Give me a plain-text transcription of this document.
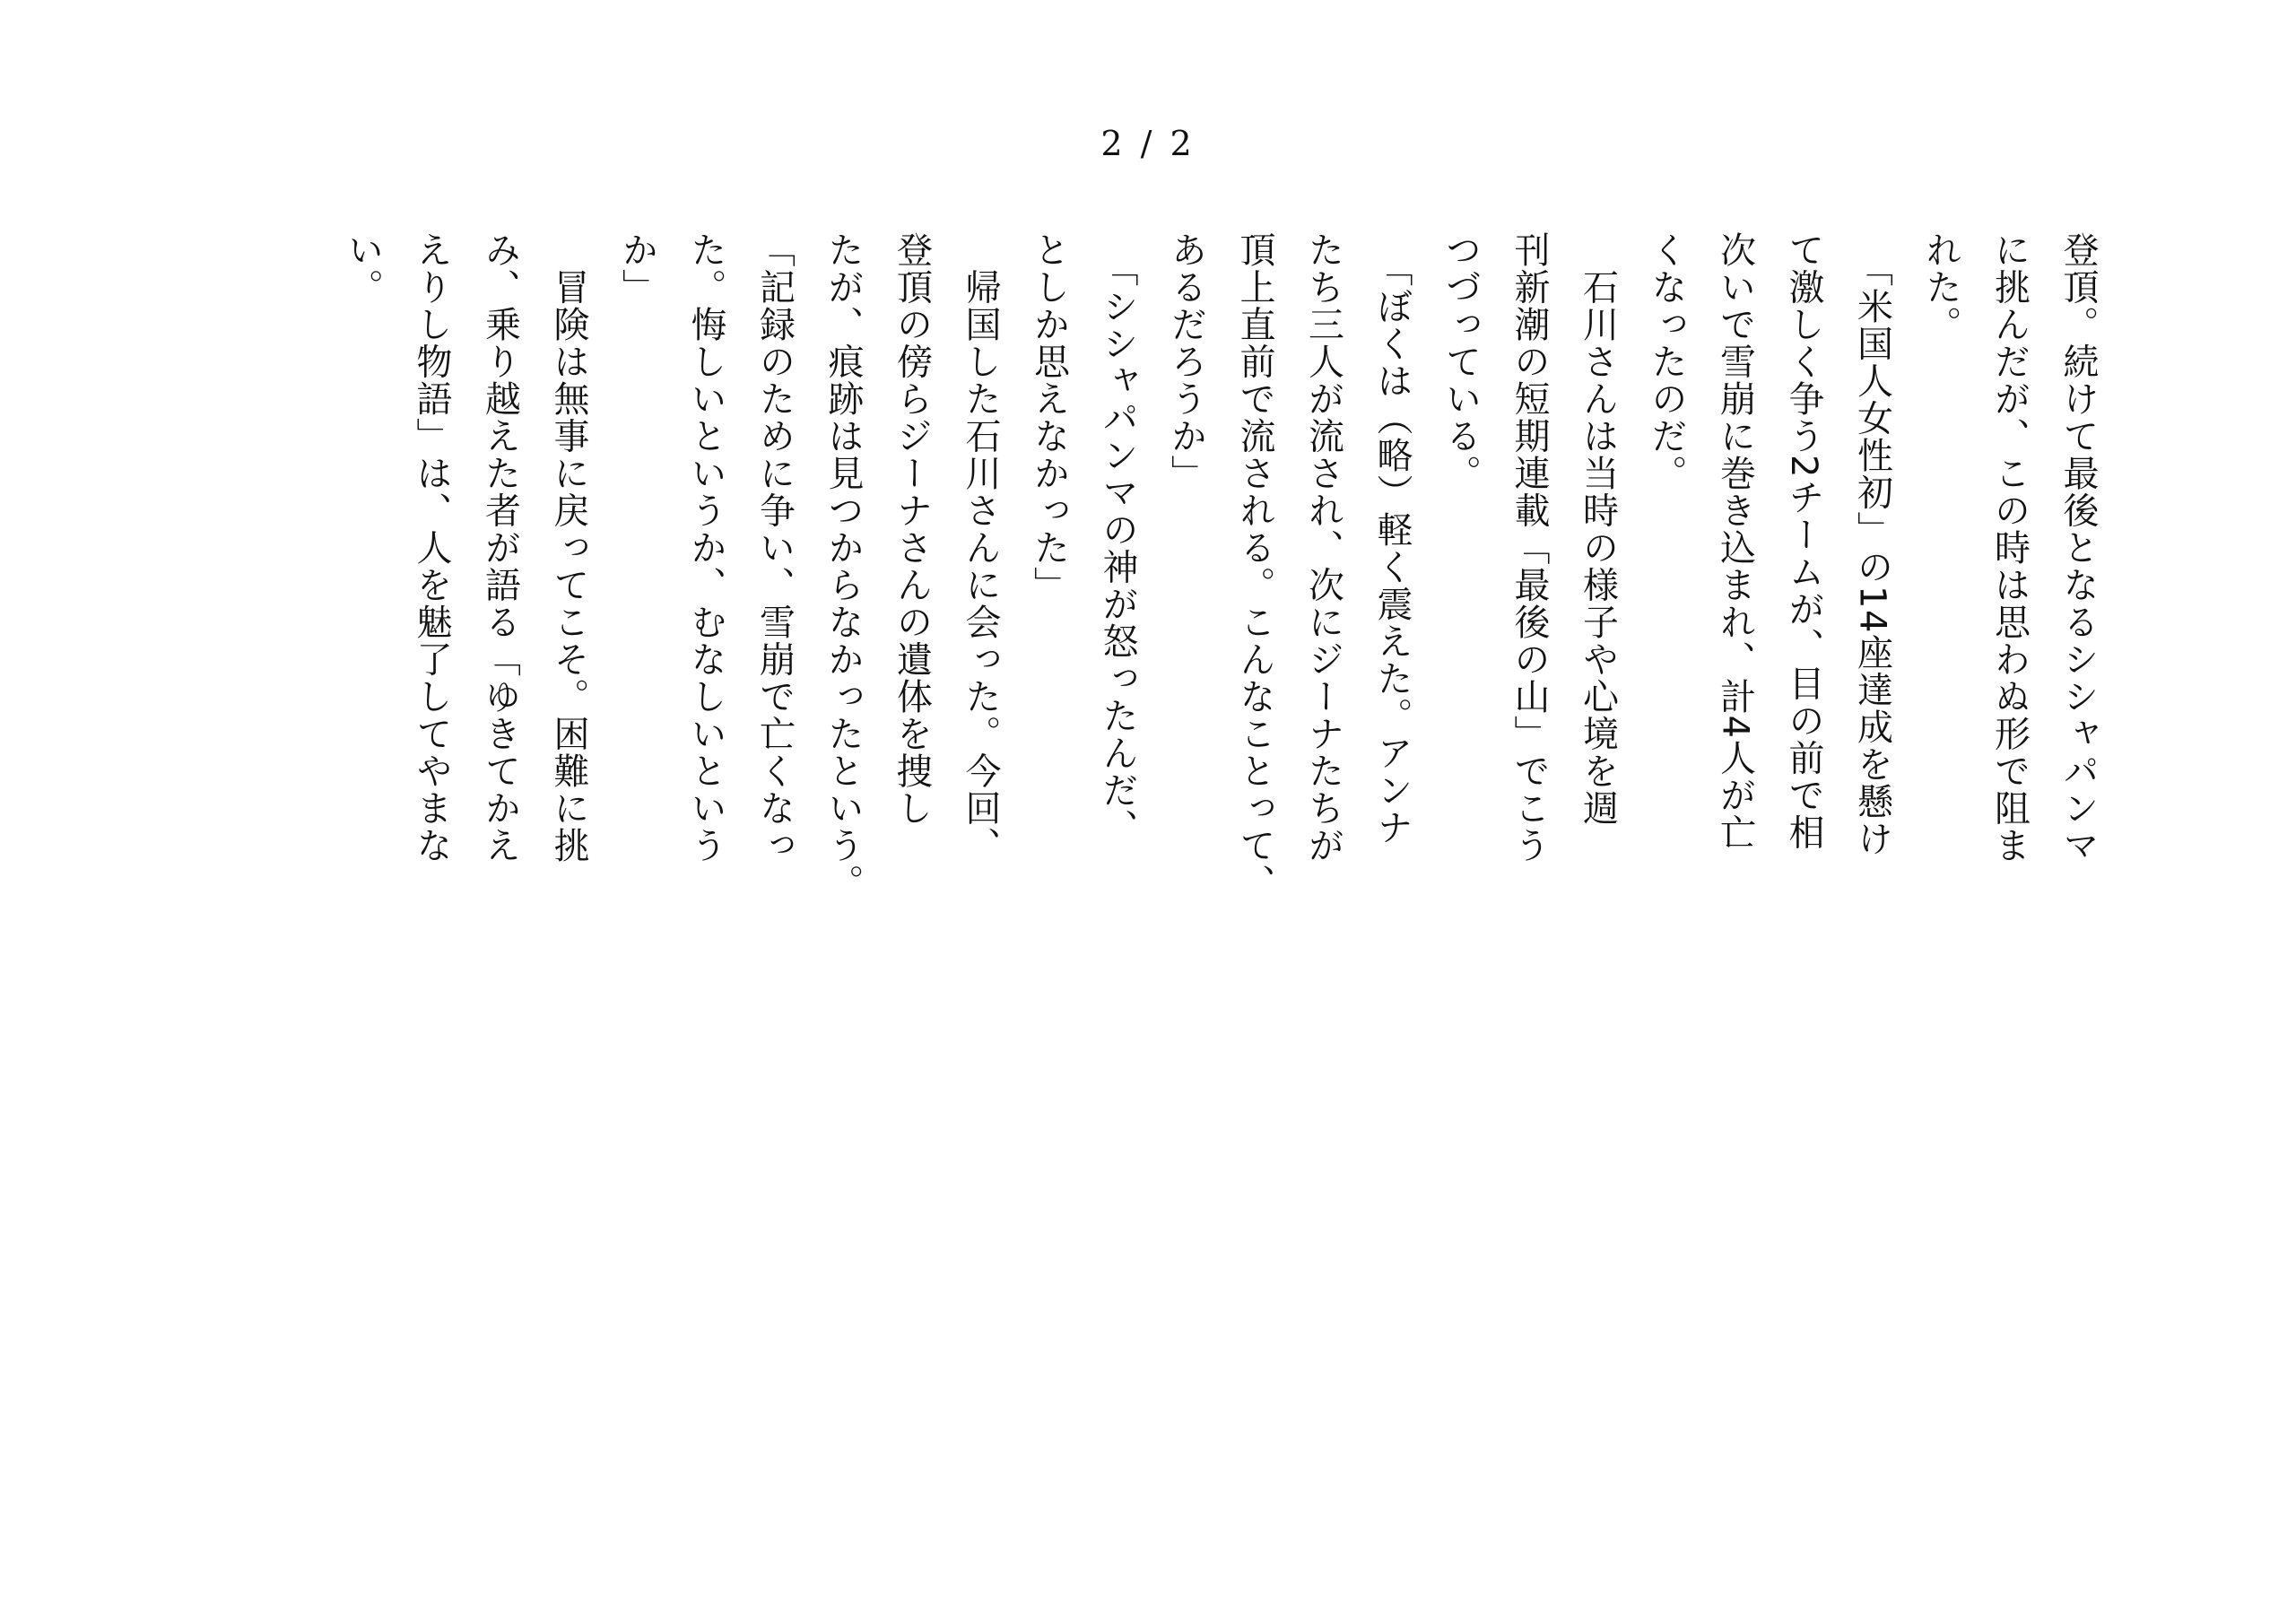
2 / 2
登頂。続けて最後となるシシャパンマ
に挑んだが、この時は思わぬ形で阻ま
れた。
　「米国人女性初」の14座達成を懸け
て激しく争う2チームが、目の前で相
次いで雪崩に巻き込まれ、計4人が亡
くなったのだ。
　石川さんは当時の様子や心境を週
刊新潮の短期連載「最後の山」でこう
つづっている。
　「ぼくは（略）軽く震えた。アンナ
たち三人が流され、次にジーナたちが
頂上直前で流される。こんなことって、
あるだろうか」
　「シシャパンマの神が怒ったんだ、
としか思えなかった」
　帰国した石川さんに会った。今回、
登頂の傍らジーナさんの遺体を捜し
たが、痕跡は見つからなかったという。
「記録のために争い、雪崩で亡くなっ
た。悔しいというか、むなしいという
か」
　冒険は無事に戻ってこそ。困難に挑
み、乗り越えた者が語る「ゆきてかえ
えりし物語」は、人を魅了してやまな
い。
